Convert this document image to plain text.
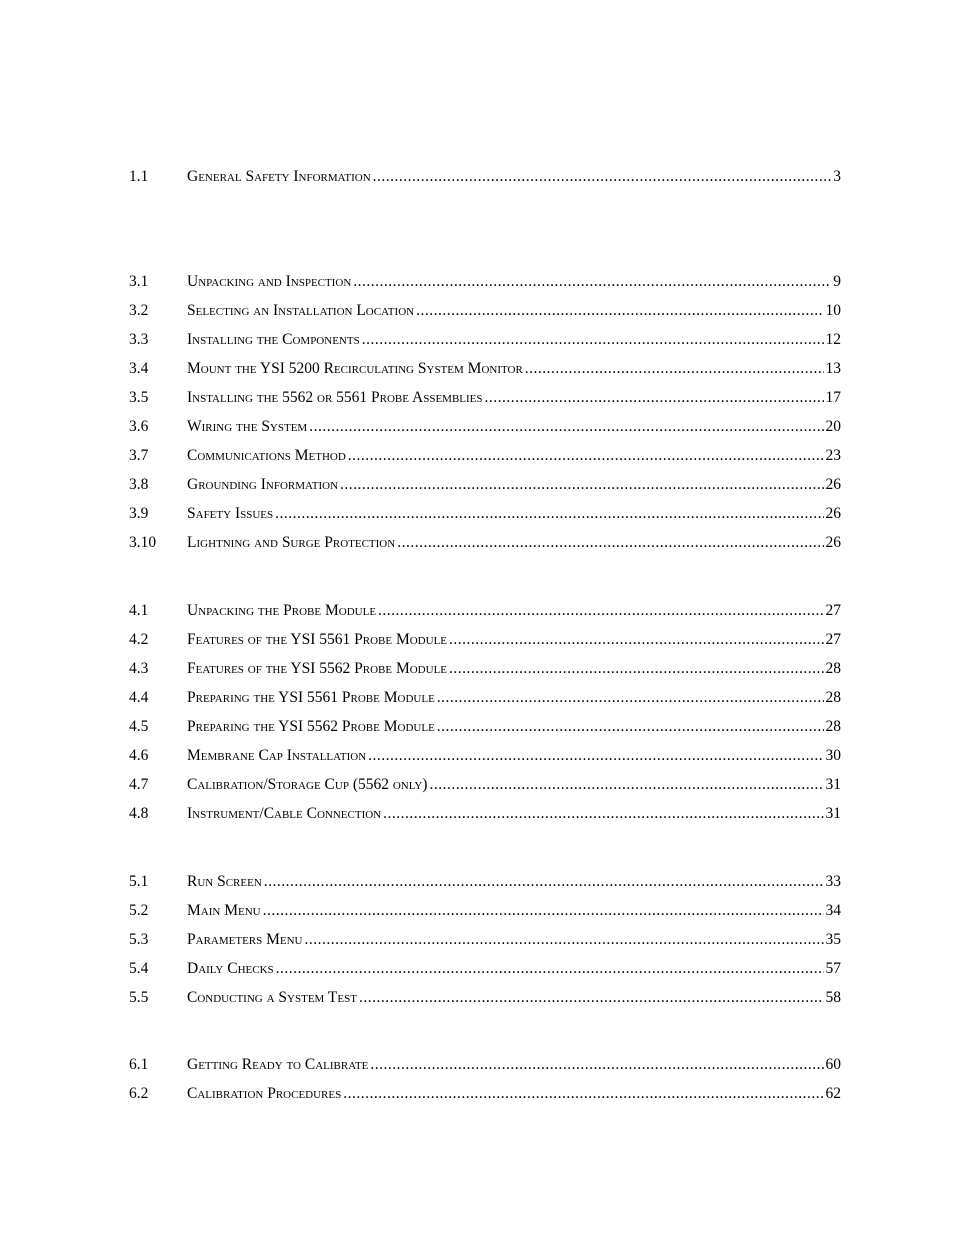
1.1	General Safety Information .....	3
3.1	Unpacking and Inspection .....	9
3.2	Selecting an Installation Location .....	10
3.3	Installing the Components .....	12
3.4	Mount the YSI 5200 Recirculating System Monitor .....	13
3.5	Installing the 5562 or 5561 Probe Assemblies .....	17
3.6	Wiring the System .....	20
3.7	Communications Method .....	23
3.8	Grounding Information .....	26
3.9	Safety Issues .....	26
3.10	Lightning and Surge Protection .....	26
4.1	Unpacking the Probe Module .....	27
4.2	Features of the YSI 5561 Probe Module .....	27
4.3	Features of the YSI 5562 Probe Module .....	28
4.4	Preparing the YSI 5561 Probe Module .....	28
4.5	Preparing the YSI 5562 Probe Module .....	28
4.6	Membrane Cap Installation .....	30
4.7	Calibration/Storage Cup (5562 only) .....	31
4.8	Instrument/Cable Connection .....	31
5.1	Run Screen .....	33
5.2	Main Menu .....	34
5.3	Parameters Menu .....	35
5.4	Daily Checks .....	57
5.5	Conducting a System Test .....	58
6.1	Getting Ready to Calibrate .....	60
6.2	Calibration Procedures .....	62
